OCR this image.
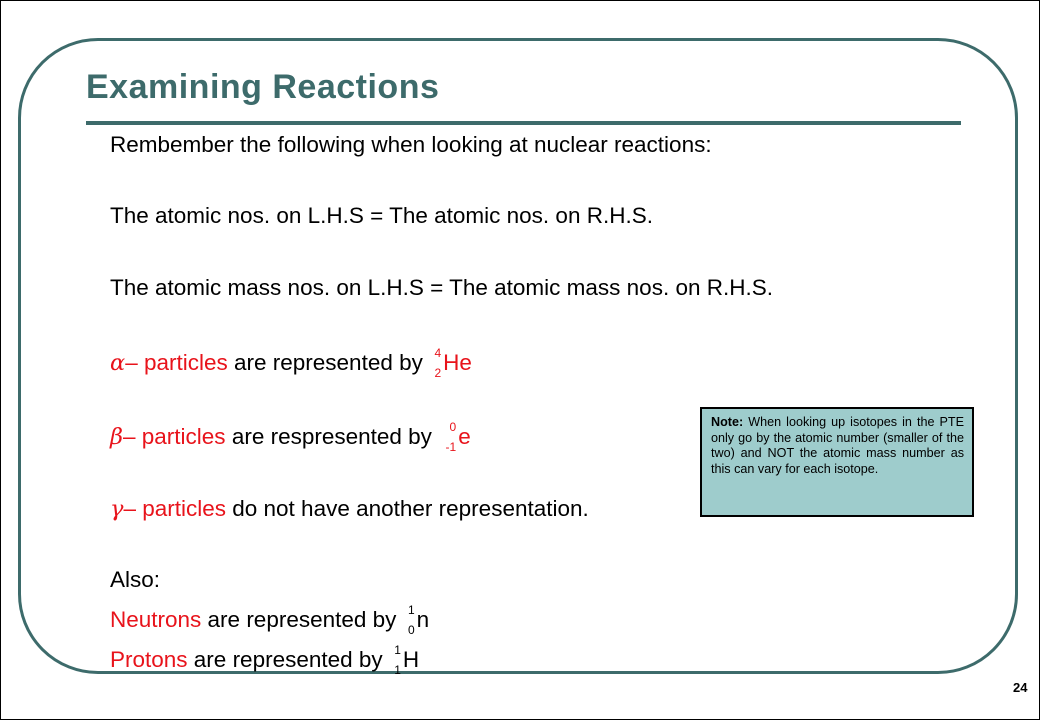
Examining Reactions
Rembember the following when looking at nuclear reactions:
The atomic nos. on L.H.S = The atomic nos. on R.H.S.
The atomic mass nos. on L.H.S = The atomic mass nos. on R.H.S.
α– particles are represented by 4
2 He
β– particles are respresented by 0
-1 e
γ– particles do not have another representation.
Also:
Neutrons are represented by 1
0 n
Protons are represented by 1
1 H
Note: When looking up isotopes in the PTE only go by the atomic number (smaller of the two) and NOT the atomic mass number as this can vary for each isotope.
24
